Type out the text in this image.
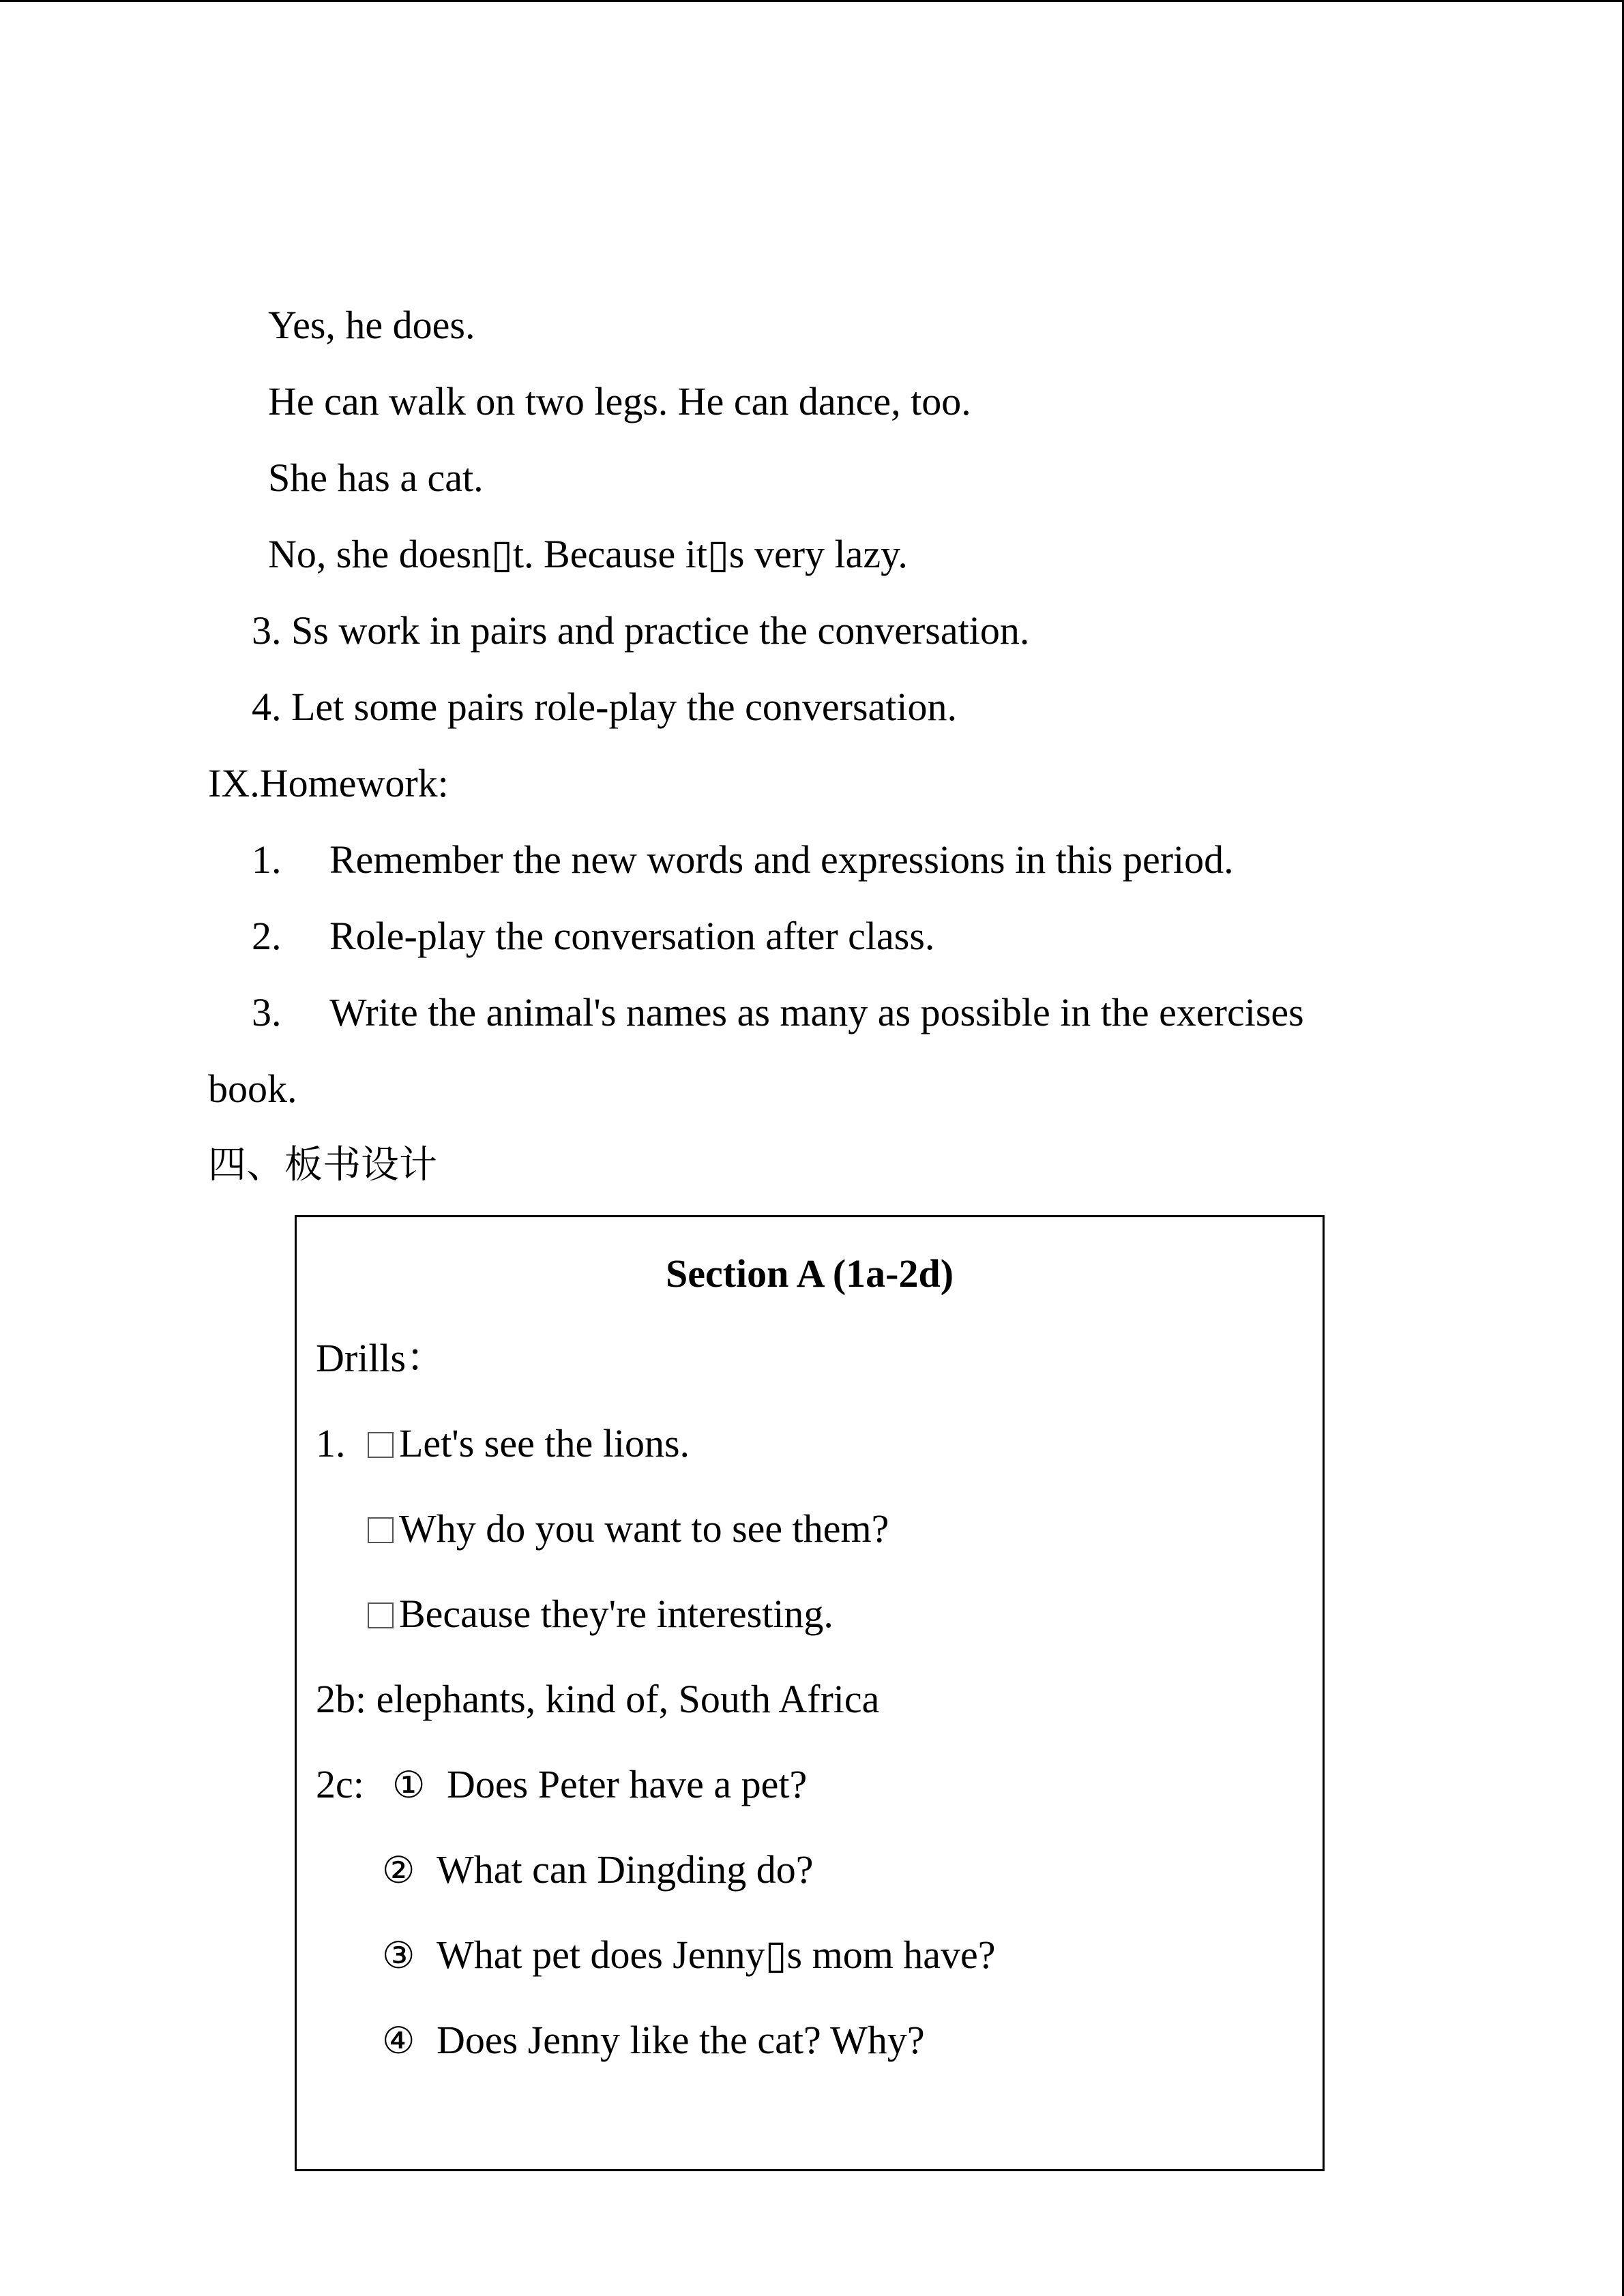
Yes, he does.
He can walk on two legs. He can dance, too.
She has a cat.
No, she doesn▯t. Because it▯s very lazy.
3. Ss work in pairs and practice the conversation.
4. Let some pairs role-play the conversation.
IX.Homework:
1. Remember the new words and expressions in this period.
2. Role-play the conversation after class.
3. Write the animal's names as many as possible in the exercises
book.
四、板书设计
Section A (1a-2d)
Drills：
1.	Let's see the lions.
Why do you want to see them?
Because they're interesting.
2b: elephants, kind of, South Africa
2c: ① Does Peter have a pet?
② What can Dingding do?
③ What pet does Jenny▯s mom have?
④ Does Jenny like the cat? Why?
